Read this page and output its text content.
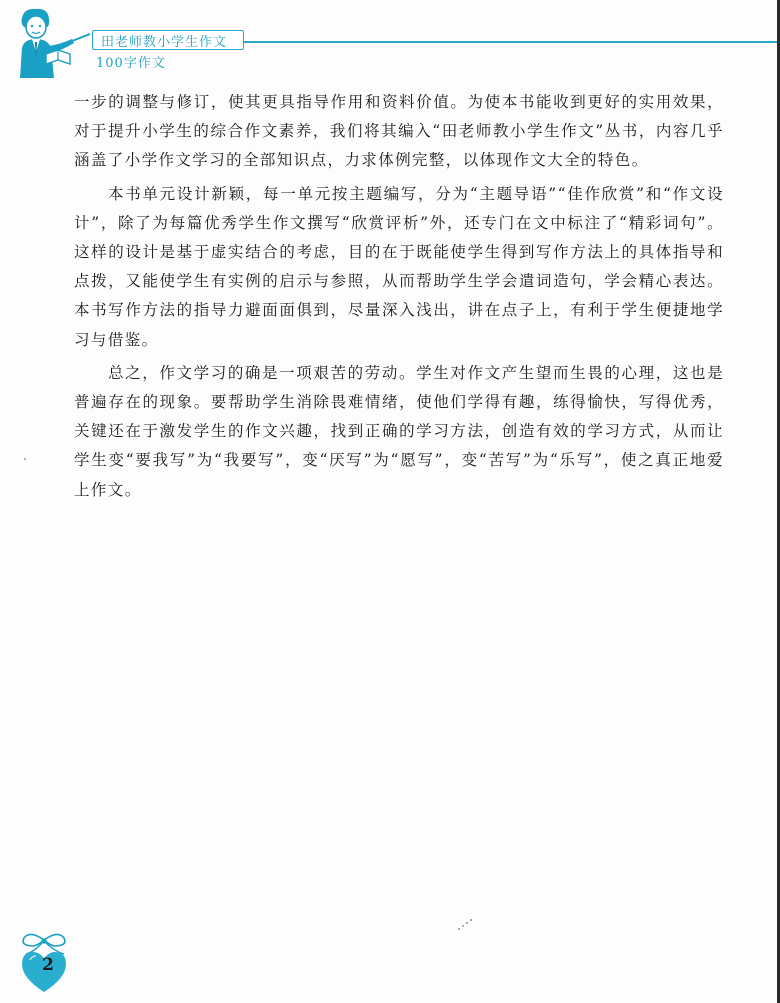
田老师教小学生作文
100字作文

一步的调整与修订，使其更具指导作用和资料价值。为使本书能收到更好的实用效果，对于提升小学生的综合作文素养，我们将其编入“田老师教小学生作文”丛书，内容几乎涵盖了小学作文学习的全部知识点，力求体例完整，以体现作文大全的特色。

本书单元设计新颖，每一单元按主题编写，分为“主题导语”“佳作欣赏”和“作文设计”，除了为每篇优秀学生作文撰写“欣赏评析”外，还专门在文中标注了“精彩词句”。这样的设计是基于虚实结合的考虑，目的在于既能使学生得到写作方法上的具体指导和点拨，又能使学生有实例的启示与参照，从而帮助学生学会遣词造句，学会精心表达。本书写作方法的指导力避面面俱到，尽量深入浅出，讲在点子上，有利于学生便捷地学习与借鉴。

总之，作文学习的确是一项艰苦的劳动。学生对作文产生望而生畏的心理，这也是普遍存在的现象。要帮助学生消除畏难情绪，使他们学得有趣，练得愉快，写得优秀，关键还在于激发学生的作文兴趣，找到正确的学习方法，创造有效的学习方式，从而让学生变“要我写”为“我要写”，变“厌写”为“愿写”，变“苦写”为“乐写”，使之真正地爱上作文。

2
